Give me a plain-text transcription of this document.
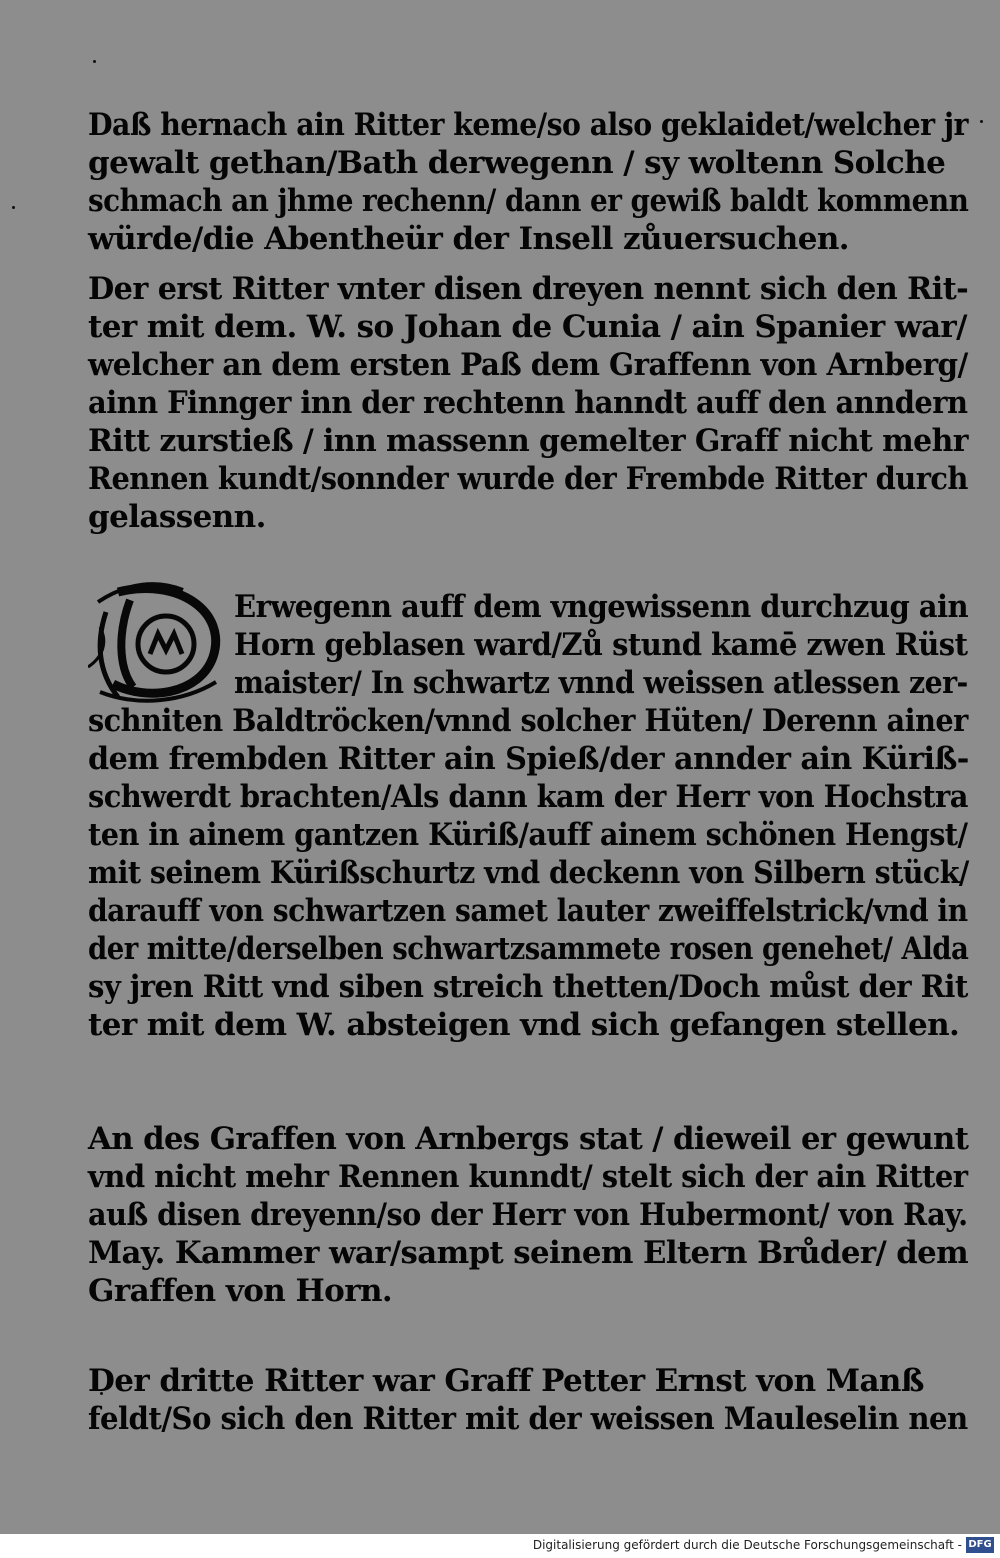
Daß hernach ain Ritter keme/so also geklaidet/welcher jr
gewalt gethan/Bath derwegenn / sy woltenn Solche
schmach an jhme rechenn/ dann er gewiß baldt kommenn
würde/die Abentheür der Insell zůuersuchen.
Der erst Ritter vnter disen dreyen nennt sich den Rit-
ter mit dem. W. so Johan de Cunia / ain Spanier war/
welcher an dem ersten Paß dem Graffenn von Arnberg/
ainn Finnger inn der rechtenn hanndt auff den anndern
Ritt zurstieß / inn massenn gemelter Graff nicht mehr
Rennen kundt/sonnder wurde der Frembde Ritter durch
gelassenn.
Erwegenn auff dem vngewissenn durchzug ain
Horn geblasen ward/Zů stund kamē zwen Rüst
maister/ In schwartz vnnd weissen atlessen zer-
schniten Baldtröcken/vnnd solcher Hüten/ Derenn ainer
dem frembden Ritter ain Spieß/der annder ain Küriß-
schwerdt brachten/Als dann kam der Herr von Hochstra
ten in ainem gantzen Küriß/auff ainem schönen Hengst/
mit seinem Kürißschurtz vnd deckenn von Silbern stück/
darauff von schwartzen samet lauter zweiffelstrick/vnd in
der mitte/derselben schwartzsammete rosen genehet/ Alda
sy jren Ritt vnd siben streich thetten/Doch můst der Rit
ter mit dem W. absteigen vnd sich gefangen stellen.
An des Graffen von Arnbergs stat / dieweil er gewunt
vnd nicht mehr Rennen kunndt/ stelt sich der ain Ritter
auß disen dreyenn/so der Herr von Hubermont/ von Ray.
May. Kammer war/sampt seinem Eltern Brůder/ dem
Graffen von Horn.
Der dritte Ritter war Graff Petter Ernst von Manß
feldt/So sich den Ritter mit der weissen Mauleselin nen
Digitalisierung gefördert durch die Deutsche Forschungsgemeinschaft - DFG
